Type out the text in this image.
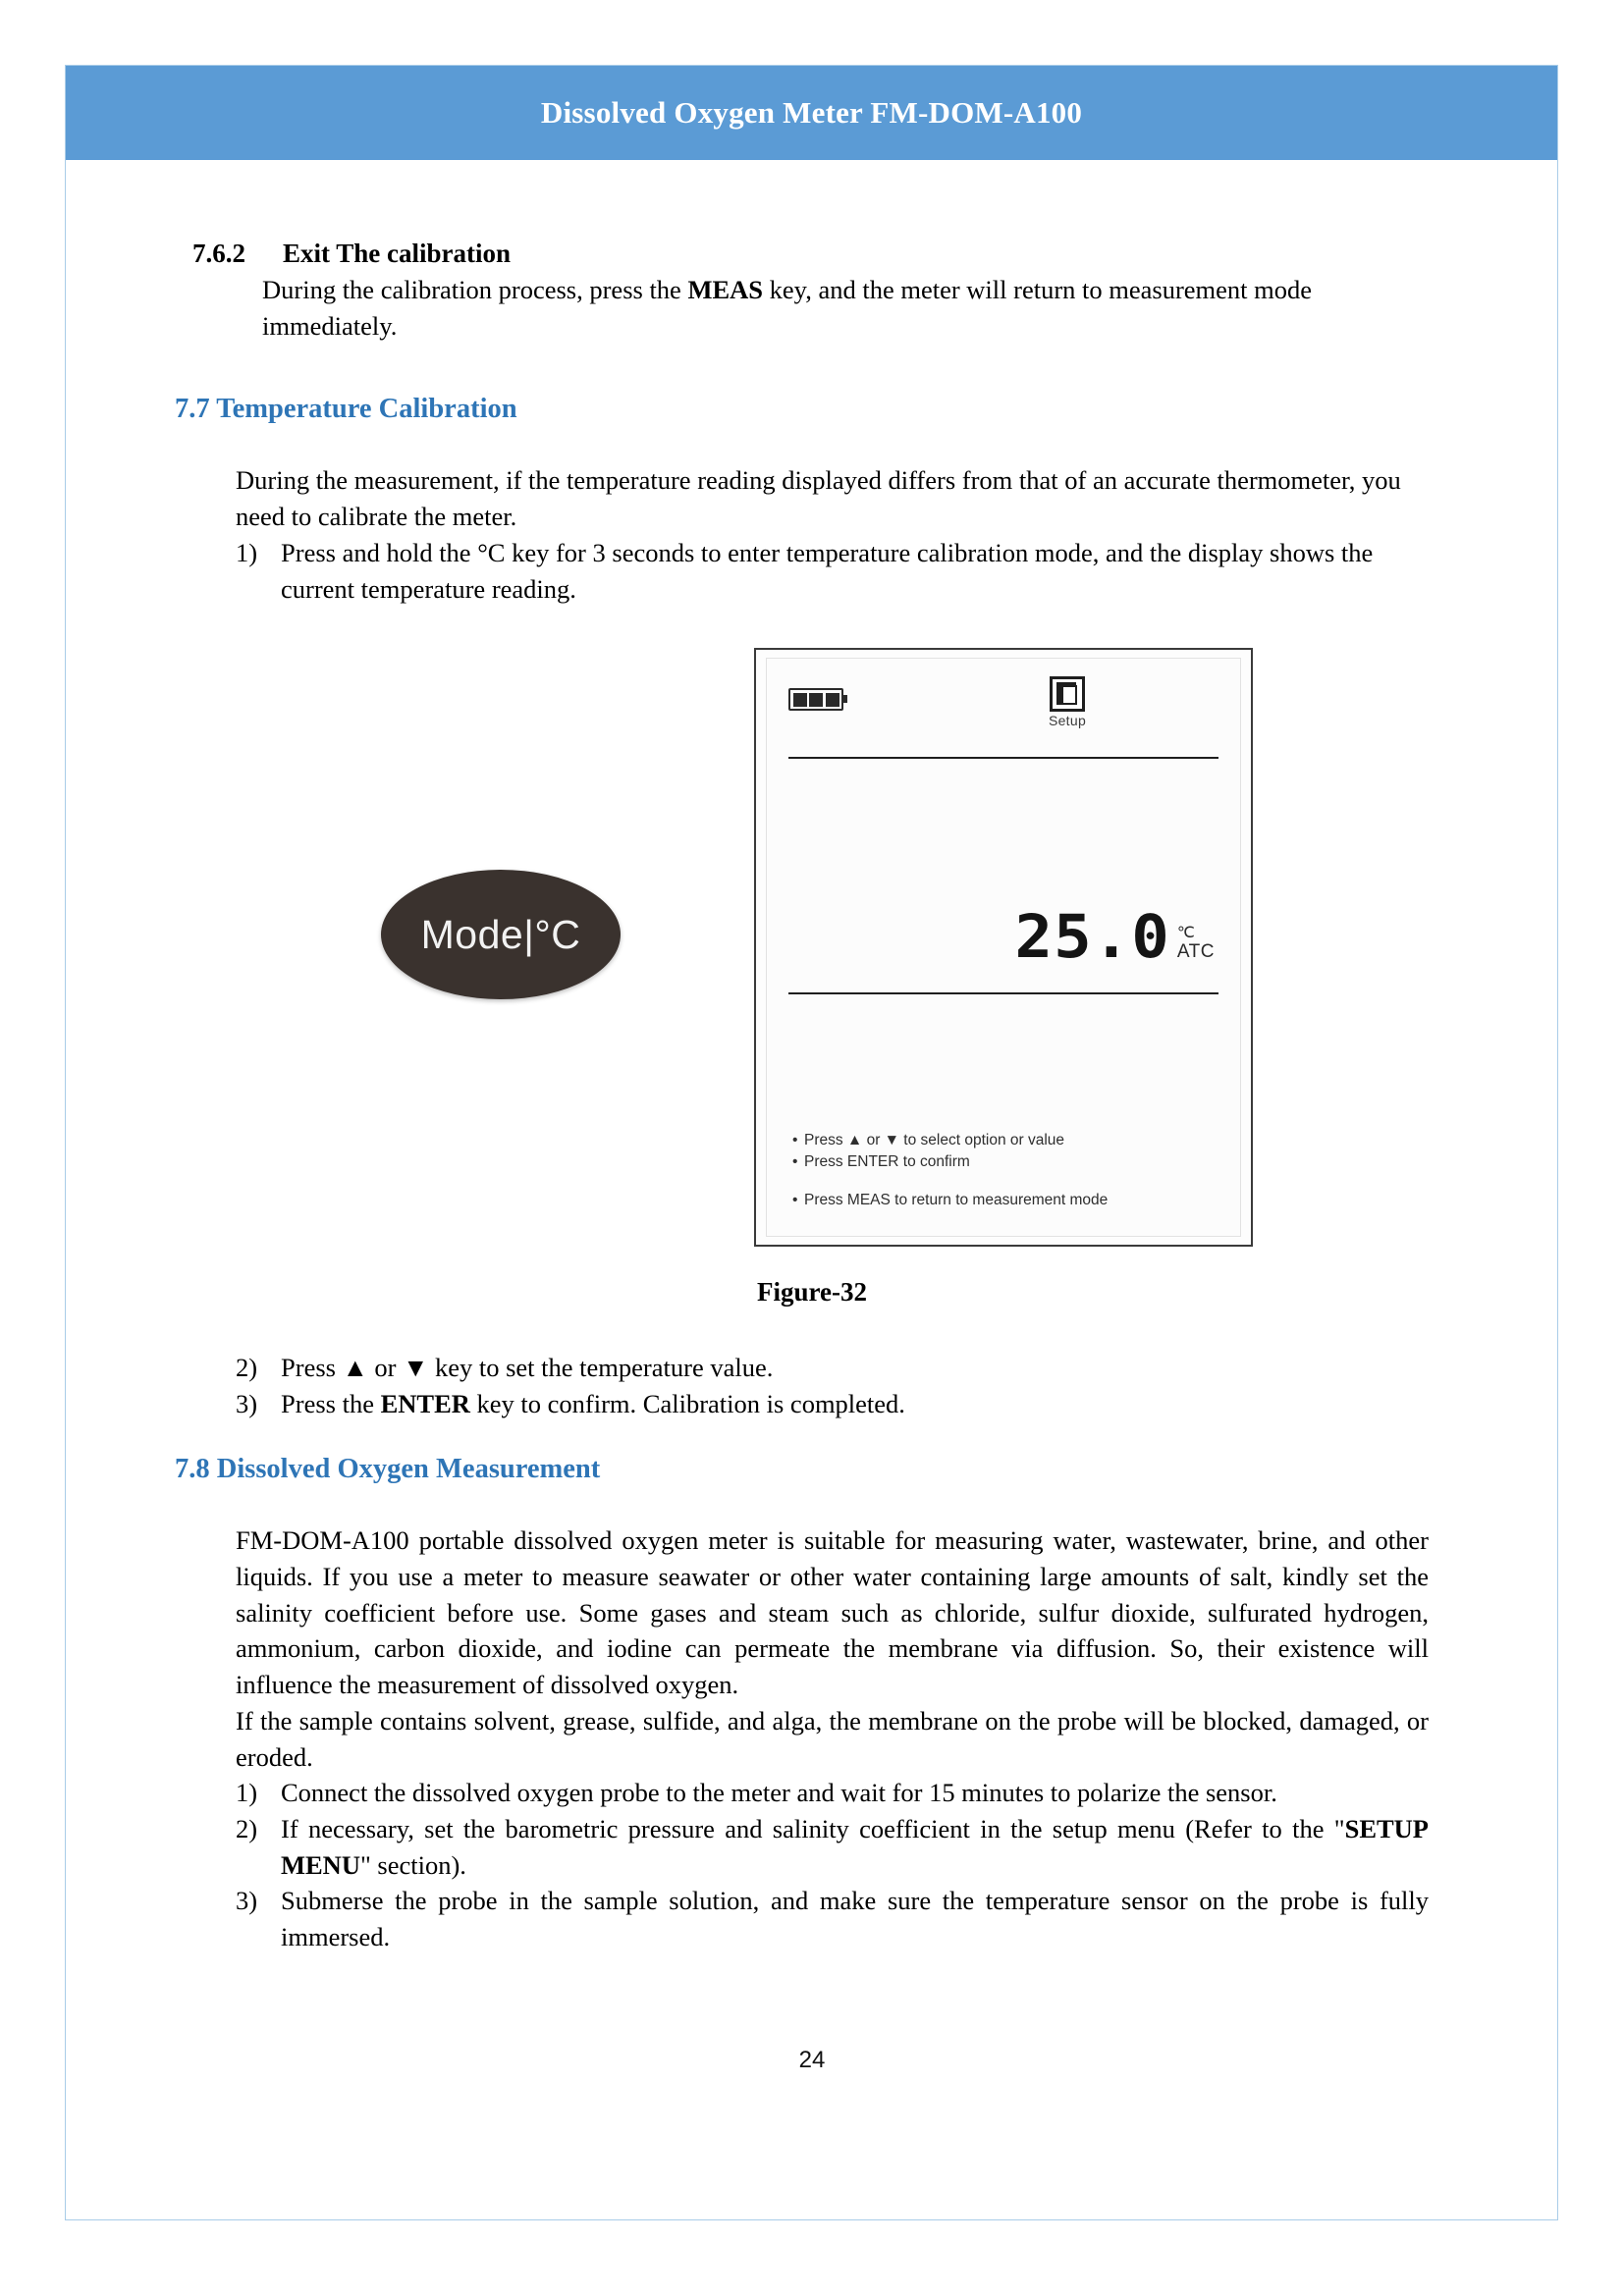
Dissolved Oxygen Meter FM-DOM-A100
7.6.2 Exit The calibration
During the calibration process, press the MEAS key, and the meter will return to measurement mode immediately.
7.7 Temperature Calibration
During the measurement, if the temperature reading displayed differs from that of an accurate thermometer, you need to calibrate the meter.
1) Press and hold the °C key for 3 seconds to enter temperature calibration mode, and the display shows the current temperature reading.
Mode|°C
Setup
25.0 ℃
ATC
• Press ▲ or ▼ to select option or value
• Press ENTER to confirm
• Press MEAS to return to measurement mode
Figure-32
2) Press ▲ or ▼ key to set the temperature value.
3) Press the ENTER key to confirm. Calibration is completed.
7.8 Dissolved Oxygen Measurement
FM-DOM-A100 portable dissolved oxygen meter is suitable for measuring water, wastewater, brine, and other liquids. If you use a meter to measure seawater or other water containing large amounts of salt, kindly set the salinity coefficient before use. Some gases and steam such as chloride, sulfur dioxide, sulfurated hydrogen, ammonium, carbon dioxide, and iodine can permeate the membrane via diffusion. So, their existence will influence the measurement of dissolved oxygen.
If the sample contains solvent, grease, sulfide, and alga, the membrane on the probe will be blocked, damaged, or eroded.
1) Connect the dissolved oxygen probe to the meter and wait for 15 minutes to polarize the sensor.
2) If necessary, set the barometric pressure and salinity coefficient in the setup menu (Refer to the "SETUP MENU" section).
3) Submerse the probe in the sample solution, and make sure the temperature sensor on the probe is fully immersed.
24
